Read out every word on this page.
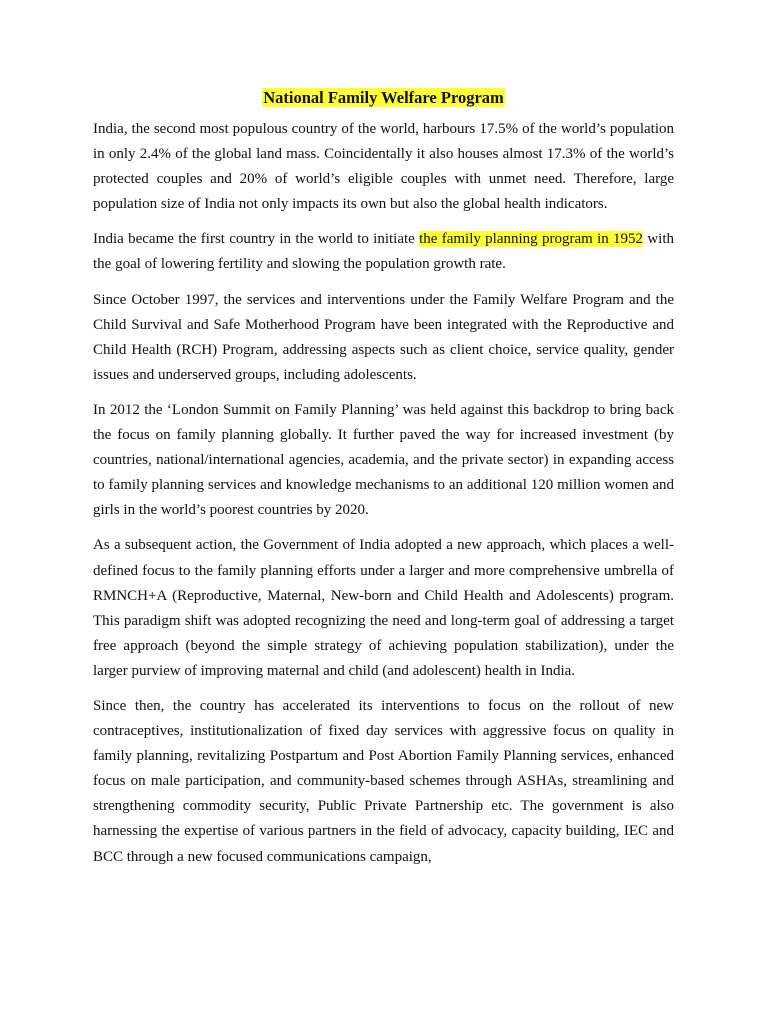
National Family Welfare Program

India, the second most populous country of the world, harbours 17.5% of the world’s population in only 2.4% of the global land mass. Coincidentally it also houses almost 17.3% of the world’s protected couples and 20% of world’s eligible couples with unmet need. Therefore, large population size of India not only impacts its own but also the global health indicators.

India became the first country in the world to initiate the family planning program in 1952 with the goal of lowering fertility and slowing the population growth rate.

Since October 1997, the services and interventions under the Family Welfare Program and the Child Survival and Safe Motherhood Program have been integrated with the Reproductive and Child Health (RCH) Program, addressing aspects such as client choice, service quality, gender issues and underserved groups, including adolescents.

In 2012 the ‘London Summit on Family Planning’ was held against this backdrop to bring back the focus on family planning globally. It further paved the way for increased investment (by countries, national/international agencies, academia, and the private sector) in expanding access to family planning services and knowledge mechanisms to an additional 120 million women and girls in the world’s poorest countries by 2020.

As a subsequent action, the Government of India adopted a new approach, which places a well-defined focus to the family planning efforts under a larger and more comprehensive umbrella of RMNCH+A (Reproductive, Maternal, New-born and Child Health and Adolescents) program. This paradigm shift was adopted recognizing the need and long-term goal of addressing a target free approach (beyond the simple strategy of achieving population stabilization), under the larger purview of improving maternal and child (and adolescent) health in India.

Since then, the country has accelerated its interventions to focus on the rollout of new contraceptives, institutionalization of fixed day services with aggressive focus on quality in family planning, revitalizing Postpartum and Post Abortion Family Planning services, enhanced focus on male participation, and community-based schemes through ASHAs, streamlining and strengthening commodity security, Public Private Partnership etc. The government is also harnessing the expertise of various partners in the field of advocacy, capacity building, IEC and BCC through a new focused communications campaign,
